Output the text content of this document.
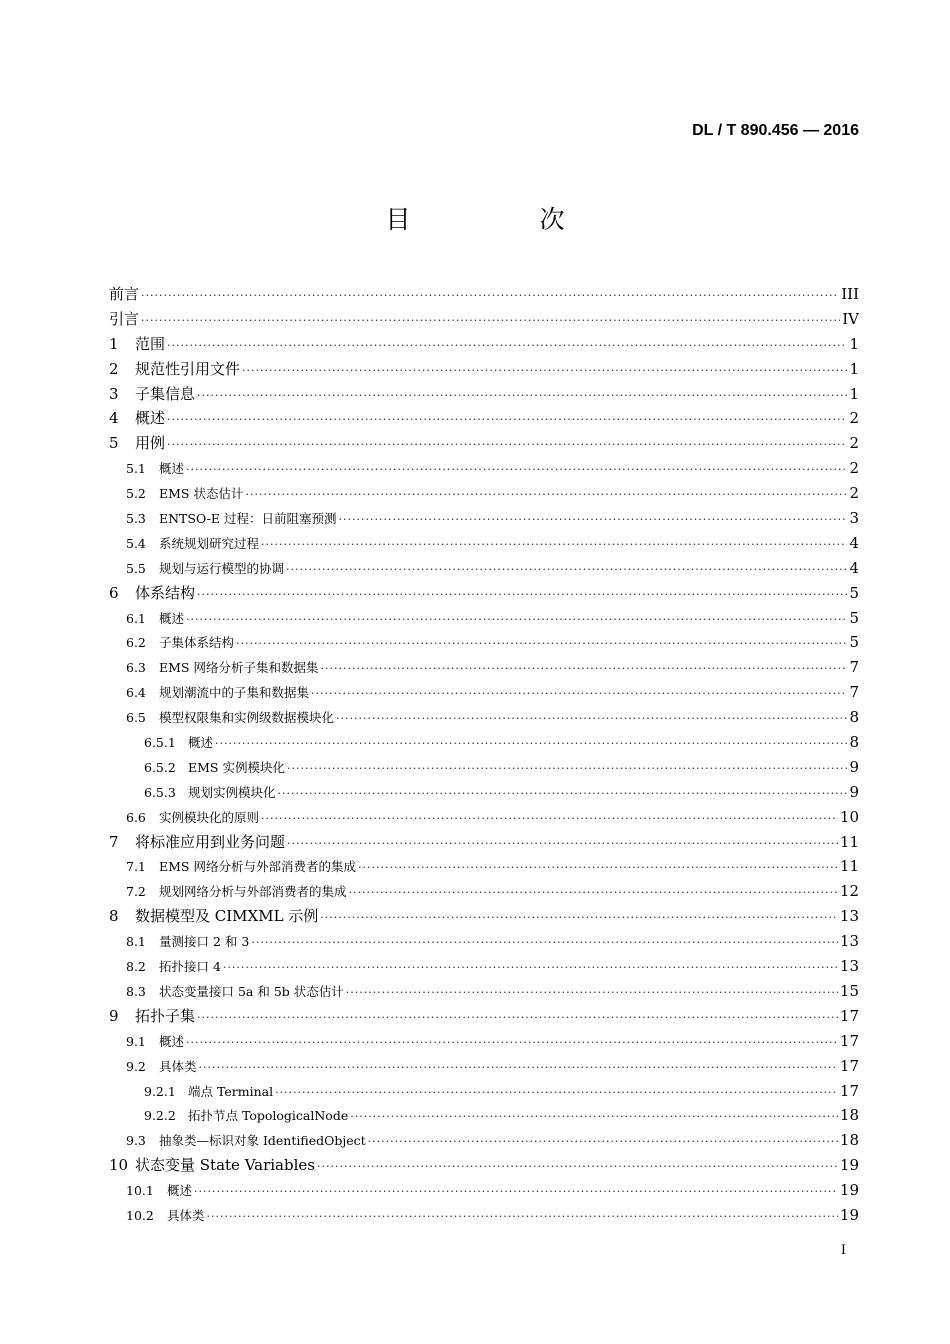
DL / T 890.456 — 2016
目　次
前言 ·····	III
引言 ·····	IV
1	范围 ·····	1
2	规范性引用文件 ·····	1
3	子集信息 ·····	1
4	概述 ·····	2
5	用例 ·····	2
5.1	概述 ·····	2
5.2	EMS 状态估计 ·····	2
5.3	ENTSO-E 过程：日前阻塞预测 ·····	3
5.4	系统规划研究过程 ·····	4
5.5	规划与运行模型的协调 ·····	4
6	体系结构 ·····	5
6.1	概述 ·····	5
6.2	子集体系结构 ·····	5
6.3	EMS 网络分析子集和数据集 ·····	7
6.4	规划潮流中的子集和数据集 ·····	7
6.5	模型权限集和实例级数据模块化 ·····	8
6.5.1 概述 ·····	8
6.5.2 EMS 实例模块化 ·····	9
6.5.3 规划实例模块化 ·····	9
6.6	实例模块化的原则 ·····	10
7	将标准应用到业务问题 ·····	11
7.1	EMS 网络分析与外部消费者的集成 ·····	11
7.2	规划网络分析与外部消费者的集成 ·····	12
8	数据模型及 CIMXML 示例 ·····	13
8.1	量测接口 2 和 3 ·····	13
8.2	拓扑接口 4 ·····	13
8.3	状态变量接口 5a 和 5b 状态估计 ·····	15
9	拓扑子集 ·····	17
9.1	概述 ·····	17
9.2	具体类 ·····	17
9.2.1 端点 Terminal ·····	17
9.2.2 拓扑节点 TopologicalNode ·····	18
9.3	抽象类—标识对象 IdentifiedObject ·····	18
10 状态变量 State Variables ·····	19
10.1	概述 ·····	19
10.2	具体类 ·····	19
I
